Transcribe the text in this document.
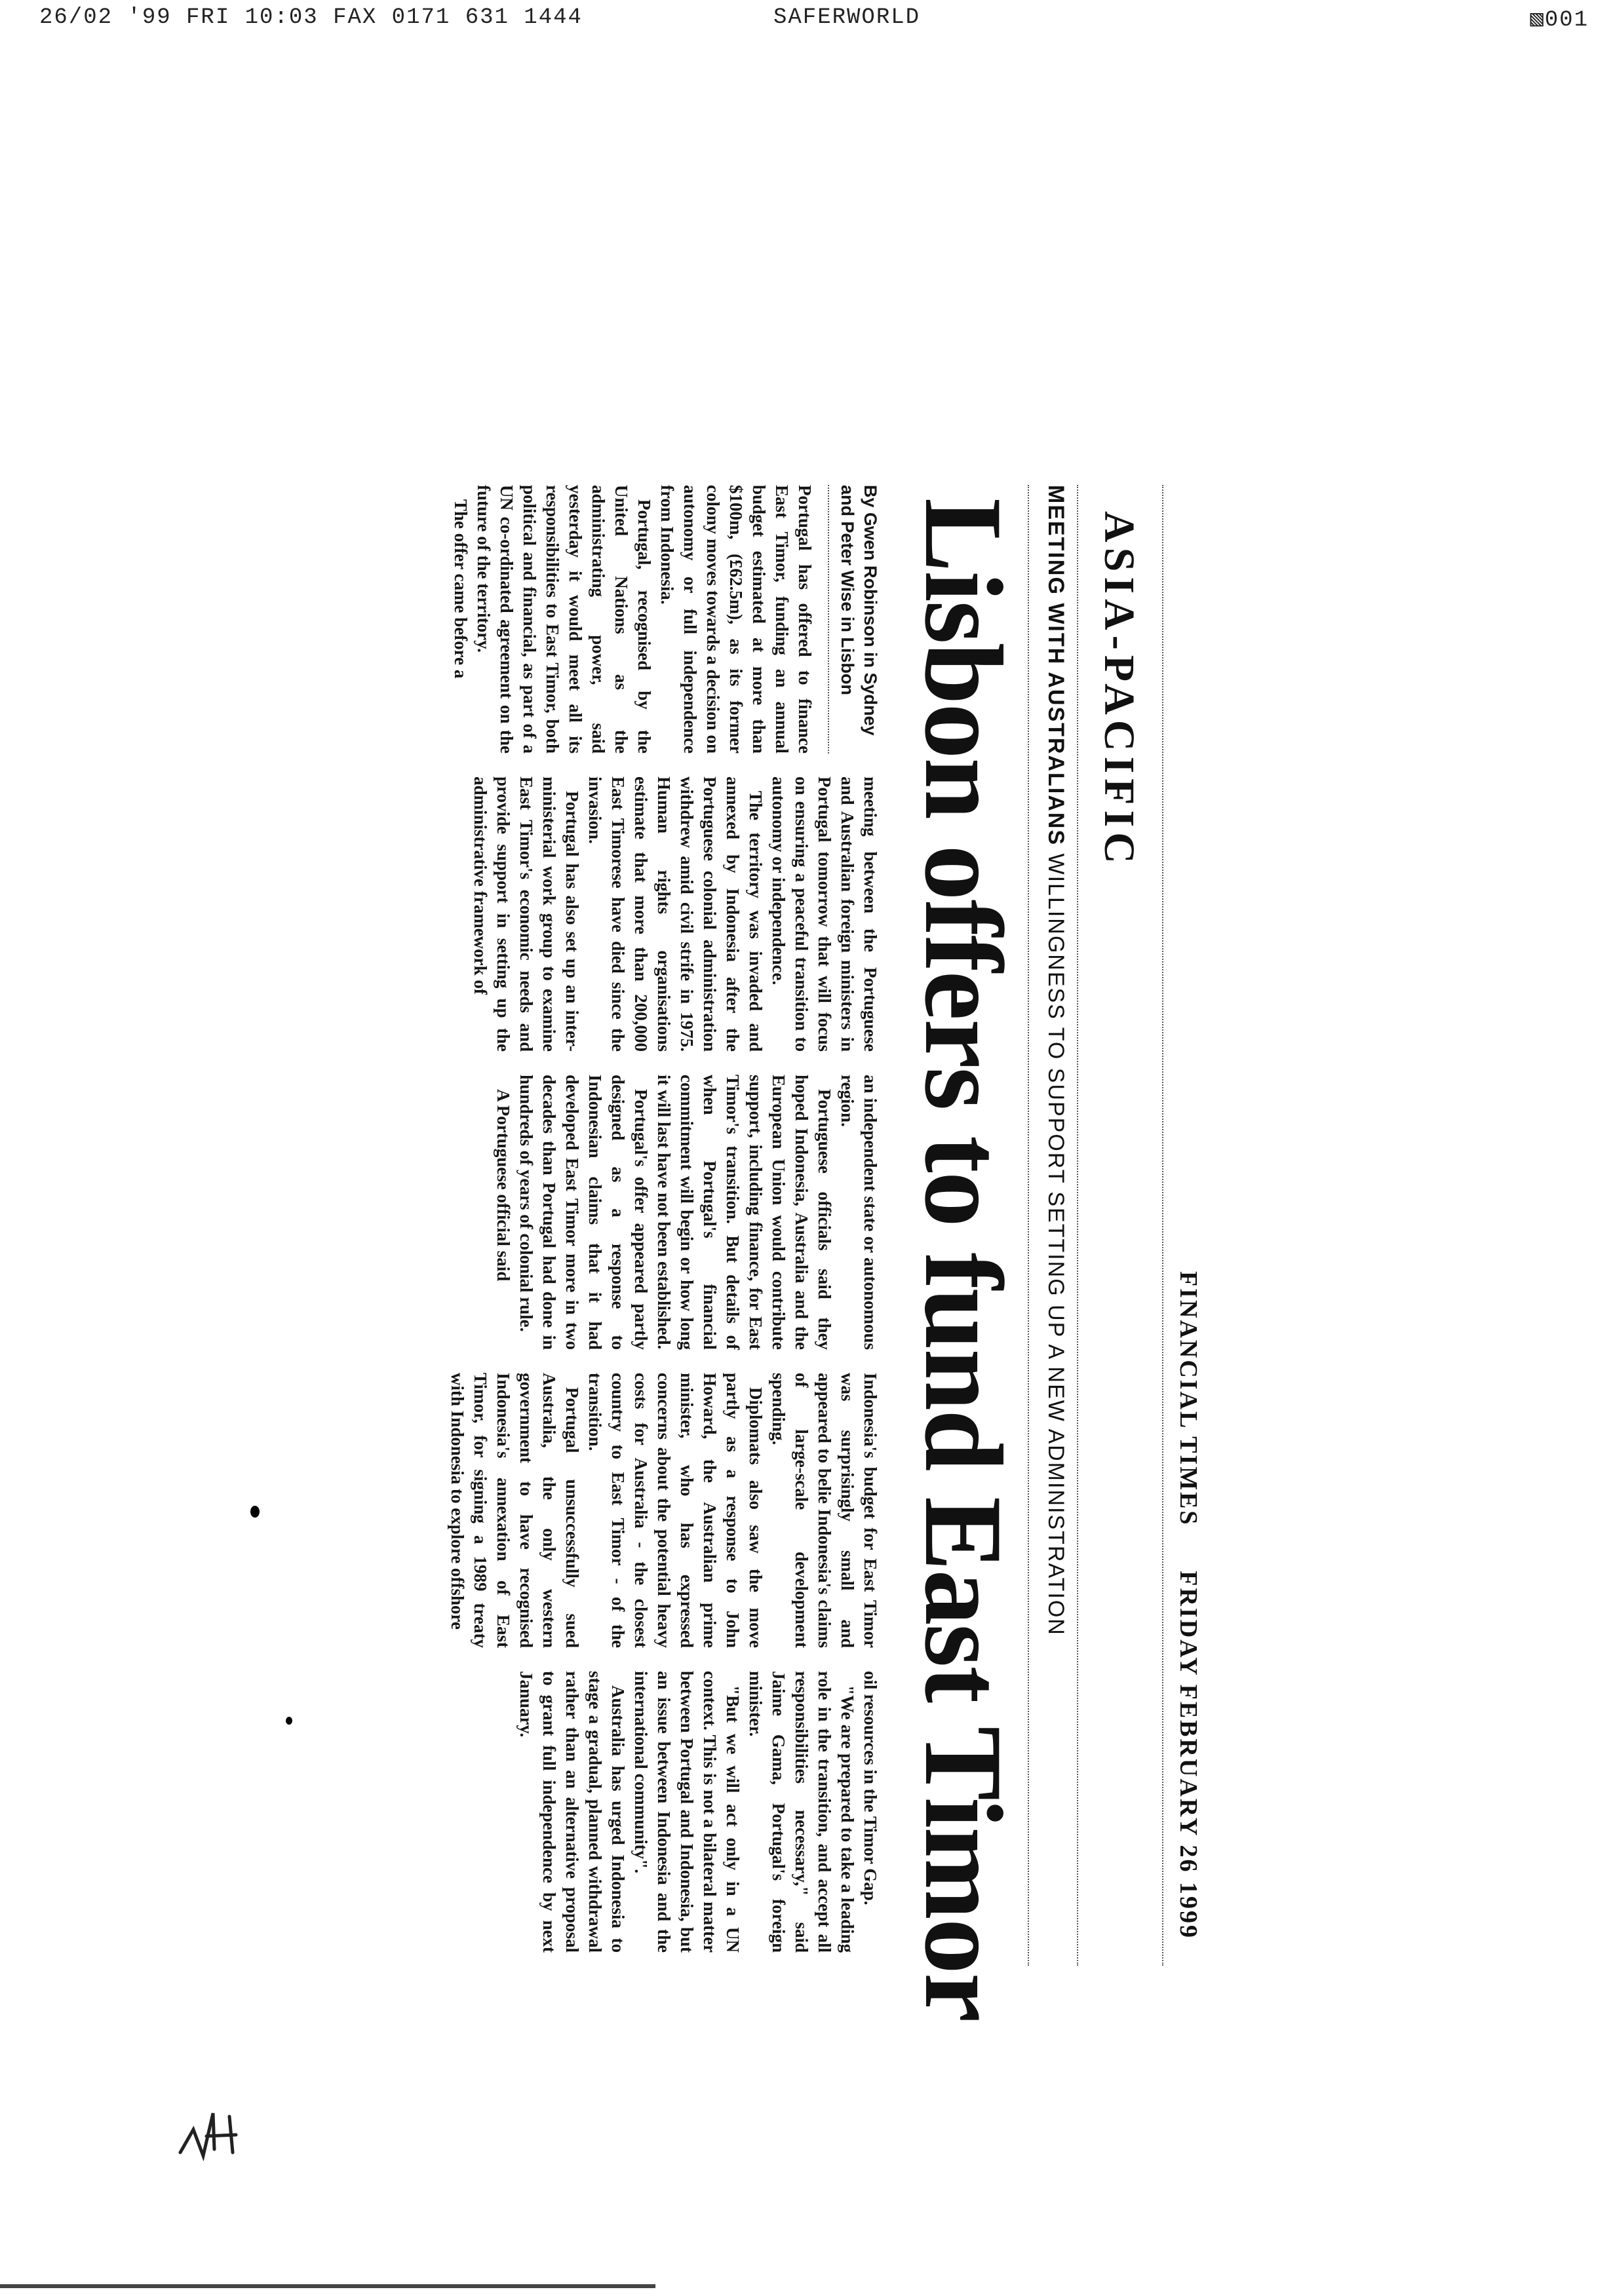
26/02 '99 FRI 10:03 FAX 0171 631 1444	SAFERWORLD	▧001
FINANCIAL TIMES
FRIDAY FEBRUARY 26 1999
ASIA-PACIFIC
MEETING WITH AUSTRALIANS WILLINGNESS TO SUPPORT SETTING UP A NEW ADMINISTRATION
Lisbon offers to fund East Timor
By Gwen Robinson in Sydney
and Peter Wise in Lisbon

Portugal has offered to finance East Timor, funding an annual budget estimated at more than $100m, (£62.5m), as its former colony moves towards a decision on autonomy or full independence from Indonesia.

Portugal, recognised by the United Nations as the administrating power, said yesterday it would meet all its responsibilities to East Timor, both political and financial, as part of a UN co-ordinated agreement on the future of the territory.

The offer came before a

meeting between the Portuguese and Australian foreign ministers in Portugal tomorrow that will focus on ensuring a peaceful transition to autonomy or independence.

The territory was invaded and annexed by Indonesia after the Portuguese colonial administration withdrew amid civil strife in 1975. Human rights organisations estimate that more than 200,000 East Timorese have died since the invasion.

Portugal has also set up an inter-ministerial work group to examine East Timor's economic needs and provide support in setting up the administrative framework of

an independent state or autonomous region.

Portuguese officials said they hoped Indonesia, Australia and the European Union would contribute support, including finance, for East Timor's transition. But details of when Portugal's financial commitment will begin or how long it will last have not been established.

Portugal's offer appeared partly designed as a response to Indonesian claims that it had developed East Timor more in two decades than Portugal had done in hundreds of years of colonial rule.

A Portuguese official said

Indonesia's budget for East Timor was surprisingly small and appeared to belie Indonesia's claims of large-scale development spending.

Diplomats also saw the move partly as a response to John Howard, the Australian prime minister, who has expressed concerns about the potential heavy costs for Australia - the closest country to East Timor - of the transition.

Portugal unsuccessfully sued Australia, the only western government to have recognised Indonesia's annexation of East Timor, for signing a 1989 treaty with Indonesia to explore offshore

oil resources in the Timor Gap.

"We are prepared to take a leading role in the transition, and accept all responsibilities necessary," said Jaime Gama, Portugal's foreign minister.

"But we will act only in a UN context. This is not a bilateral matter between Portugal and Indonesia, but an issue between Indonesia and the international community".

Australia has urged Indonesia to stage a gradual, planned withdrawal rather than an alternative proposal to grant full independence by next January.
